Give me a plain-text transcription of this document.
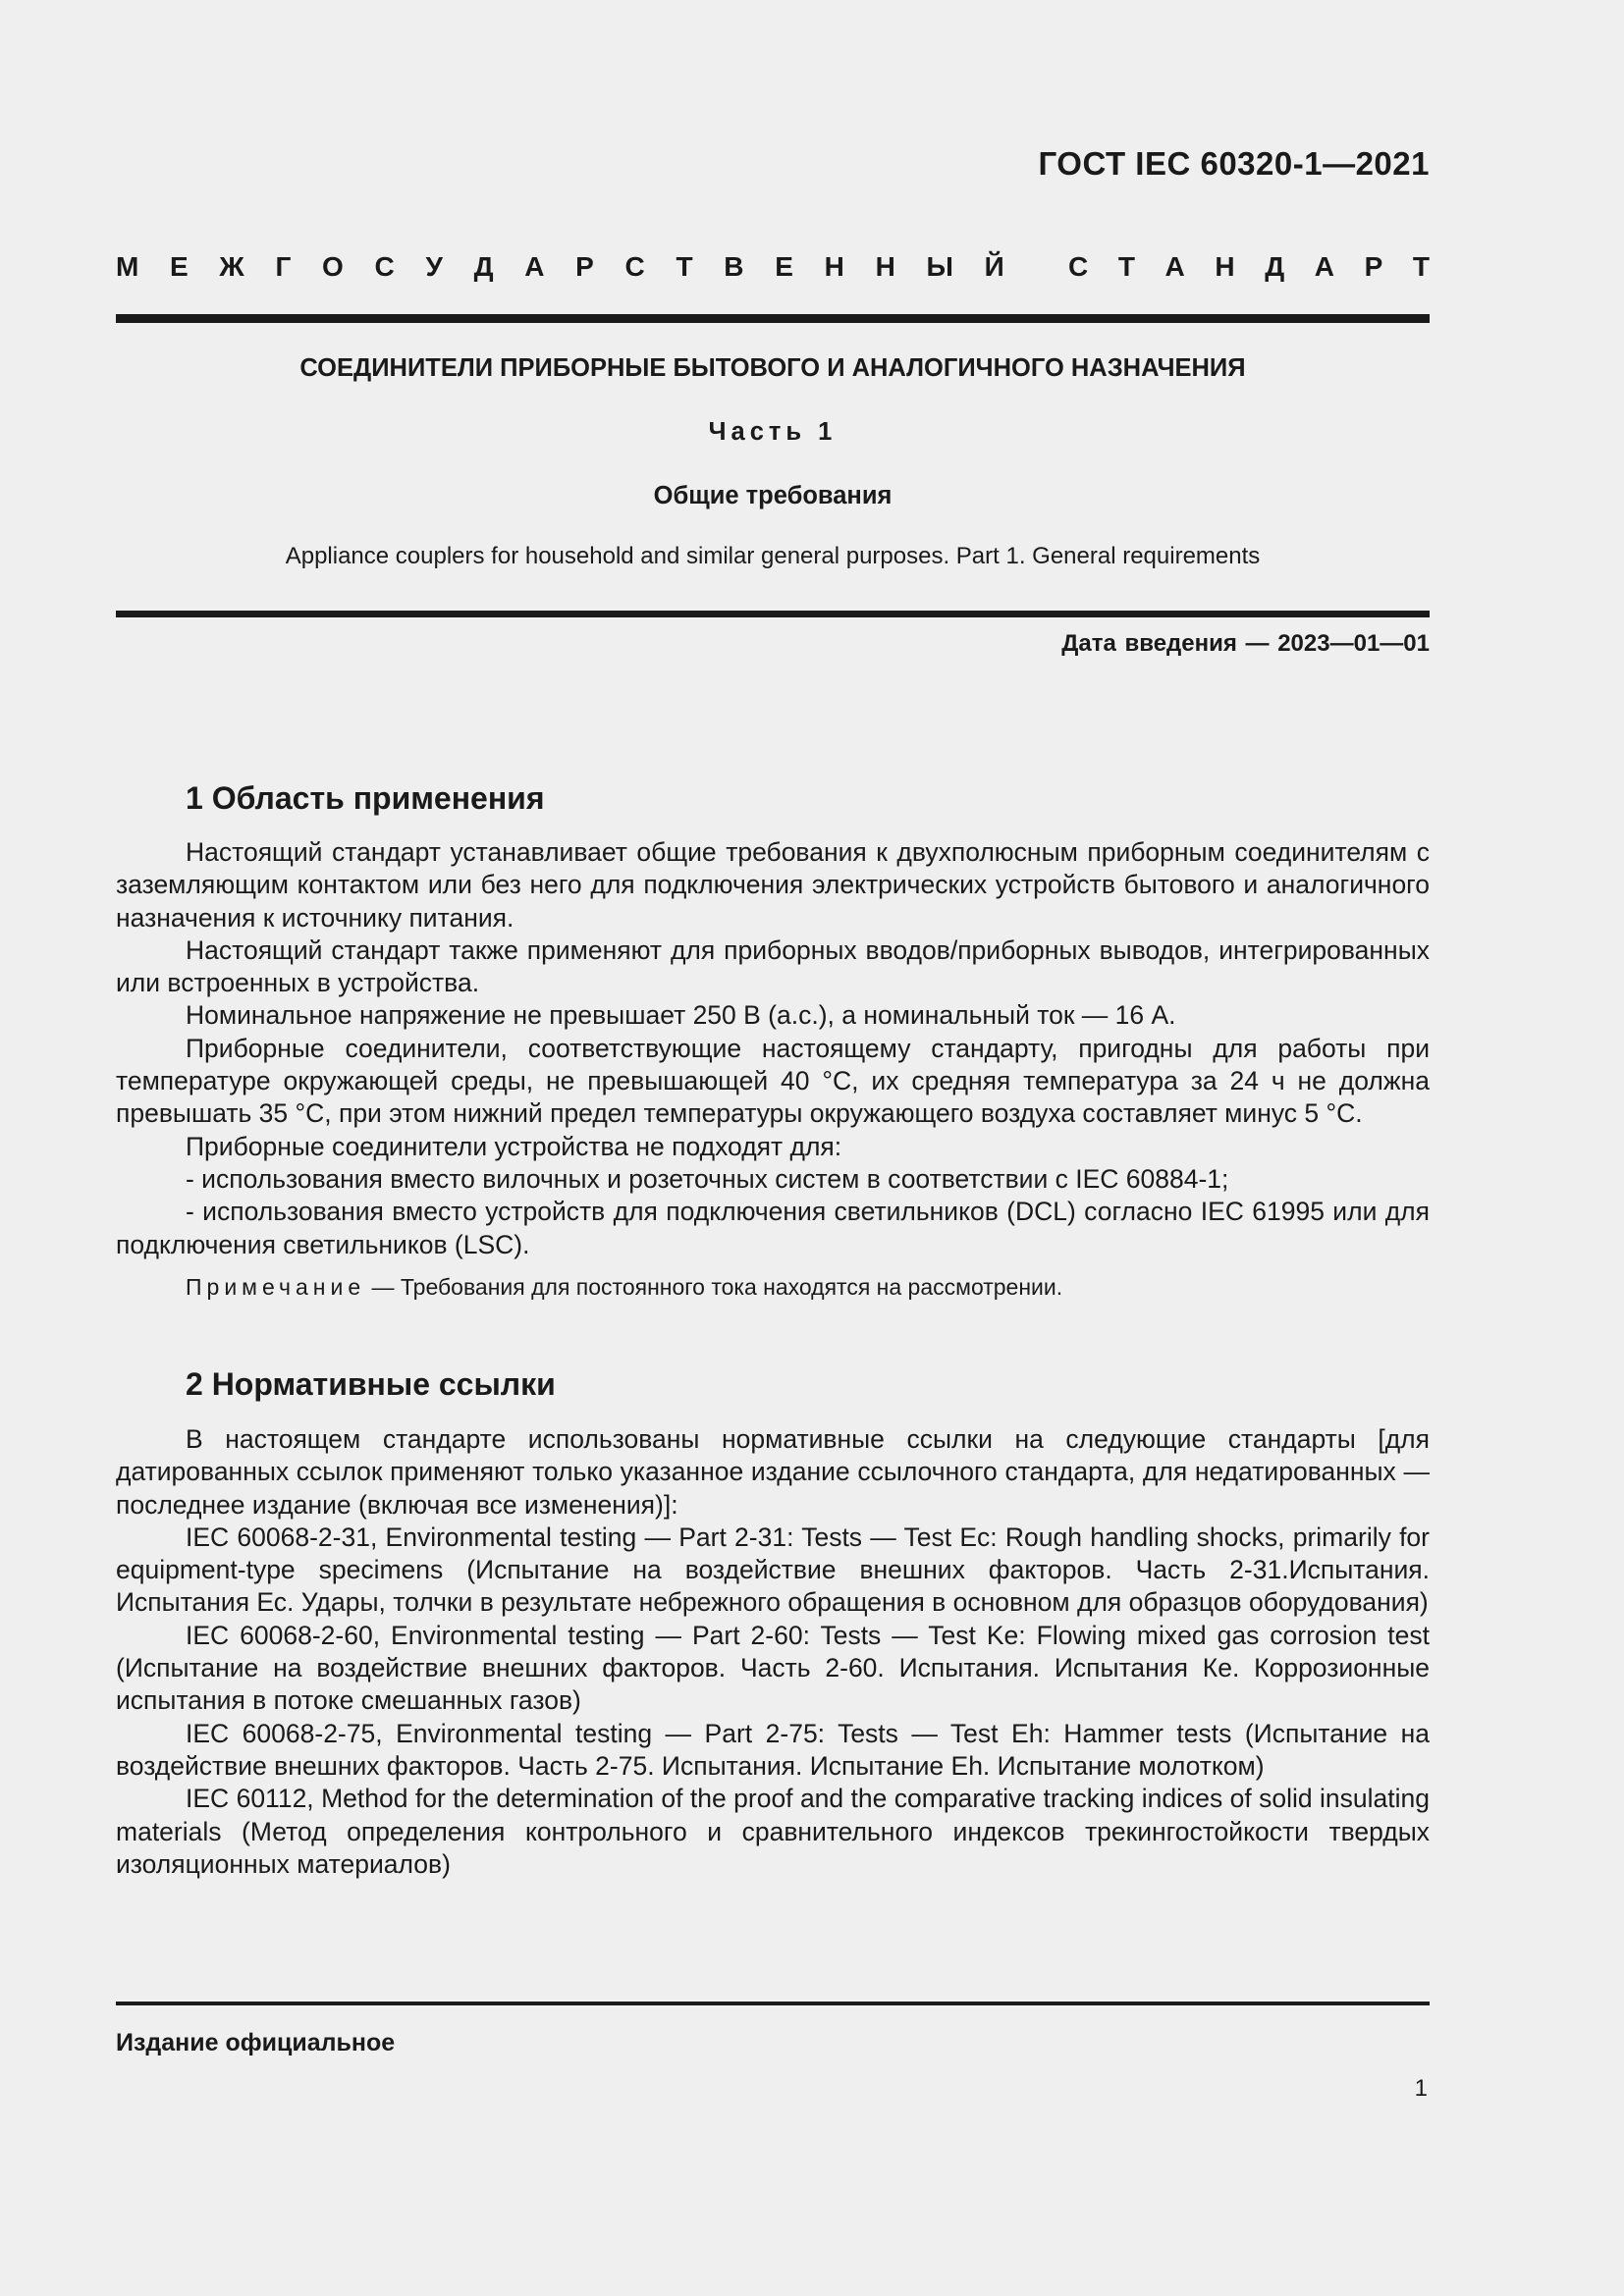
ГОСТ IEC 60320-1—2021
М Е Ж Г О С У Д А Р С Т В Е Н Н Ы Й С Т А Н Д А Р Т
СОЕДИНИТЕЛИ ПРИБОРНЫЕ БЫТОВОГО И АНАЛОГИЧНОГО НАЗНАЧЕНИЯ
Часть 1
Общие требования
Appliance couplers for household and similar general purposes. Part 1. General requirements
Дата введения — 2023—01—01
1 Область применения

Настоящий стандарт устанавливает общие требования к двухполюсным приборным соединителям с заземляющим контактом или без него для подключения электрических устройств бытового и аналогичного назначения к источнику питания.

Настоящий стандарт также применяют для приборных вводов/приборных выводов, интегрированных или встроенных в устройства.

Номинальное напряжение не превышает 250 В (a.c.), а номинальный ток — 16 А.

Приборные соединители, соответствующие настоящему стандарту, пригодны для работы при температуре окружающей среды, не превышающей 40 °С, их средняя температура за 24 ч не должна превышать 35 °С, при этом нижний предел температуры окружающего воздуха составляет минус 5 °С.

Приборные соединители устройства не подходят для:

- использования вместо вилочных и розеточных систем в соответствии с IEC 60884-1;

- использования вместо устройств для подключения светильников (DCL) согласно IEC 61995 или для подключения светильников (LSC).

Примечание — Требования для постоянного тока находятся на рассмотрении.

2 Нормативные ссылки

В настоящем стандарте использованы нормативные ссылки на следующие стандарты [для датированных ссылок применяют только указанное издание ссылочного стандарта, для недатированных — последнее издание (включая все изменения)]:

IEC 60068-2-31, Environmental testing — Part 2-31: Tests — Test Ec: Rough handling shocks, primarily for equipment-type specimens (Испытание на воздействие внешних факторов. Часть 2-31.Испытания. Испытания Ес. Удары, толчки в результате небрежного обращения в основном для образцов оборудования)

IEC 60068-2-60, Environmental testing — Part 2-60: Tests — Test Ke: Flowing mixed gas corrosion test (Испытание на воздействие внешних факторов. Часть 2-60. Испытания. Испытания Ке. Коррозионные испытания в потоке смешанных газов)

IEC 60068-2-75, Environmental testing — Part 2-75: Tests — Test Eh: Hammer tests (Испытание на воздействие внешних факторов. Часть 2-75. Испытания. Испытание Eh. Испытание молотком)

IEC 60112, Method for the determination of the proof and the comparative tracking indices of solid insulating materials (Метод определения контрольного и сравнительного индексов трекингостойкости твердых изоляционных материалов)

Издание официальное
1
